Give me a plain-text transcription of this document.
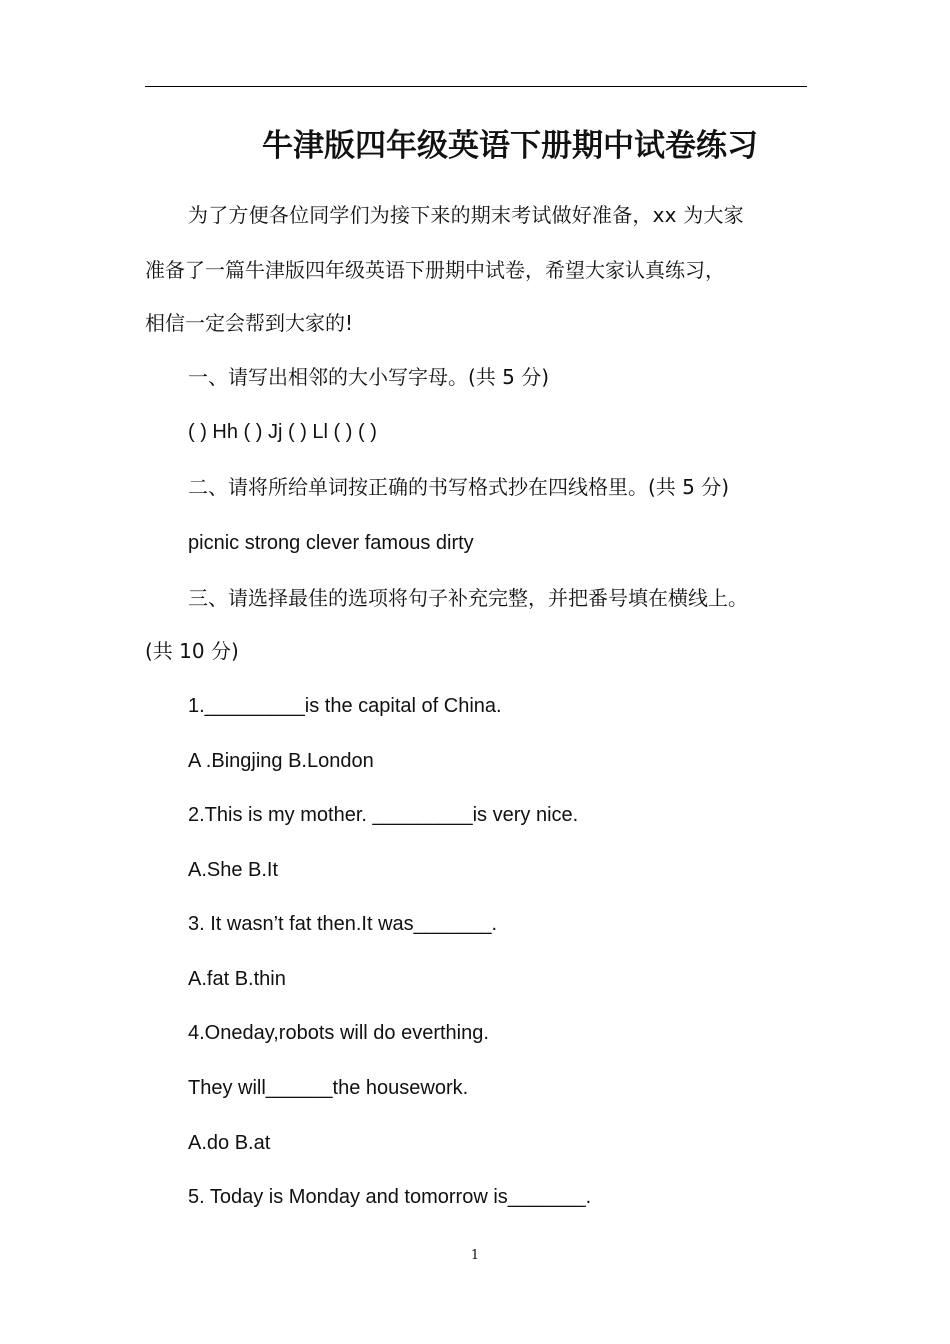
牛津版四年级英语下册期中试卷练习
为了方便各位同学们为接下来的期末考试做好准备，xx 为大家
准备了一篇牛津版四年级英语下册期中试卷，希望大家认真练习，
相信一定会帮到大家的!
一、请写出相邻的大小写字母。(共 5 分)
( ) Hh ( ) Jj ( ) Ll ( ) ( )
二、请将所给单词按正确的书写格式抄在四线格里。(共 5 分)
picnic strong clever famous dirty
三、请选择最佳的选项将句子补充完整，并把番号填在横线上。
(共 10 分)
1._________is the capital of China.
A .Bingjing B.London
2.This is my mother. _________is very nice.
A.She B.It
3. It wasn’t fat then.It was_______.
A.fat B.thin
4.Oneday,robots will do everthing.
They will______the housework.
A.do B.at
5. Today is Monday and tomorrow is_______.
1
